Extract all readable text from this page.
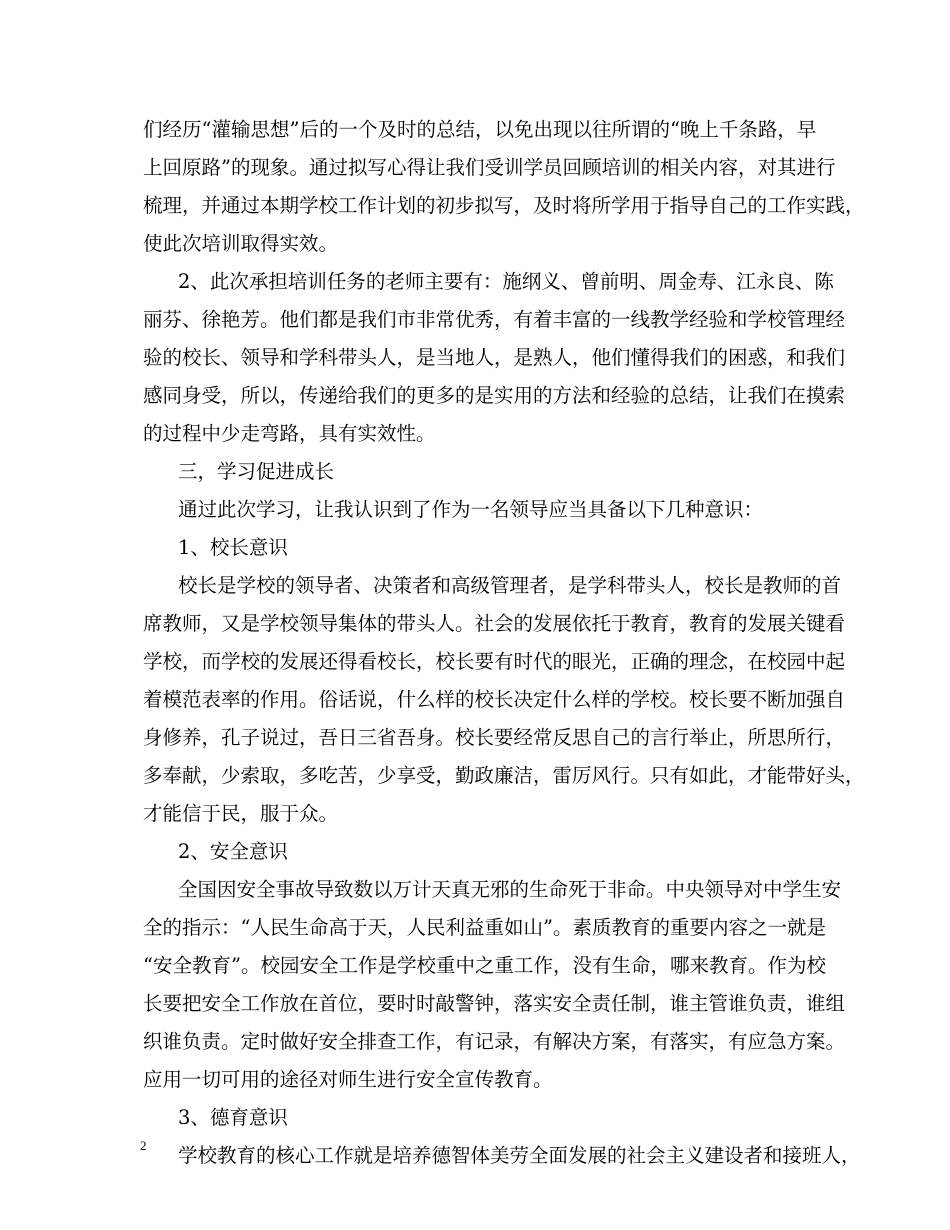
们经历“灌输思想”后的一个及时的总结，以免出现以往所谓的“晚上千条路，早
上回原路”的现象。通过拟写心得让我们受训学员回顾培训的相关内容，对其进行
梳理，并通过本期学校工作计划的初步拟写，及时将所学用于指导自己的工作实践，
使此次培训取得实效。
2、此次承担培训任务的老师主要有：施纲义、曾前明、周金寿、江永良、陈
丽芬、徐艳芳。他们都是我们市非常优秀，有着丰富的一线教学经验和学校管理经
验的校长、领导和学科带头人，是当地人，是熟人，他们懂得我们的困惑，和我们
感同身受，所以，传递给我们的更多的是实用的方法和经验的总结，让我们在摸索
的过程中少走弯路，具有实效性。
三，学习促进成长
通过此次学习，让我认识到了作为一名领导应当具备以下几种意识：
1、校长意识
校长是学校的领导者、决策者和高级管理者，是学科带头人，校长是教师的首
席教师，又是学校领导集体的带头人。社会的发展依托于教育，教育的发展关键看
学校，而学校的发展还得看校长，校长要有时代的眼光，正确的理念，在校园中起
着模范表率的作用。俗话说，什么样的校长决定什么样的学校。校长要不断加强自
身修养，孔子说过，吾日三省吾身。校长要经常反思自己的言行举止，所思所行，
多奉献，少索取，多吃苦，少享受，勤政廉洁，雷厉风行。只有如此，才能带好头，
才能信于民，服于众。
2、安全意识
全国因安全事故导致数以万计天真无邪的生命死于非命。中央领导对中学生安
全的指示：“人民生命高于天，人民利益重如山”。素质教育的重要内容之一就是
“安全教育”。校园安全工作是学校重中之重工作，没有生命，哪来教育。作为校
长要把安全工作放在首位，要时时敲警钟，落实安全责任制，谁主管谁负责，谁组
织谁负责。定时做好安全排查工作，有记录，有解决方案，有落实，有应急方案。
应用一切可用的途径对师生进行安全宣传教育。
3、德育意识
学校教育的核心工作就是培养德智体美劳全面发展的社会主义建设者和接班人，
2
